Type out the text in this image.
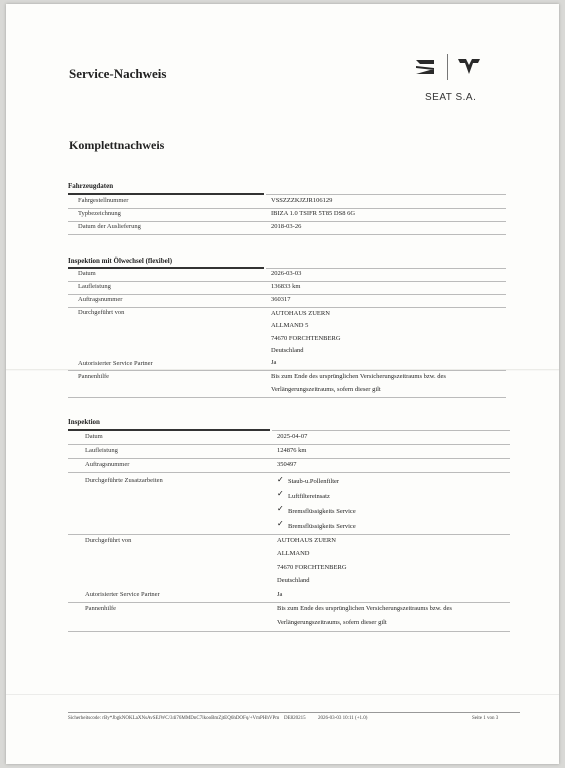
Service-Nachweis
SEAT S.A.
Komplettnachweis
Fahrzeugdaten
Fahrgestellnummer	VSSZZZKJZJR106129
Typbezeichnung	IBIZA 1.0 TSIFR 5T85 DS8 6G
Datum der Auslieferung	2018-03-26
Inspektion mit Ölwechsel (flexibel)
Datum	2026-03-03
Laufleistung	136833 km
Auftragsnummer	360317
Durchgeführt von	AUTOHAUS ZUERN
ALLMAND 5
74670 FORCHTENBERG
Deutschland
Autorisierter Service Partner	Ja
Pannenhilfe	Bis zum Ende des ursprünglichen Versicherungszeitraums bzw. des
Verlängerungszeitraums, sofern dieser gilt
Inspektion
Datum	2025-04-07
Laufleistung	124876 km
Auftragsnummer	350497
Durchgeführte Zusatzarbeiten	✓ Staub-u.Pollenfilter
✓ Luftfiltereinsatz
✓ Bremsflüssigkeits Service
✓ Bremsflüssigkeits Service
Durchgeführt von	AUTOHAUS ZUERN
ALLMAND
74670 FORCHTENBERG
Deutschland
Autorisierter Service Partner	Ja
Pannenhilfe	Bis zum Ende des ursprünglichen Versicherungszeitraums bzw. des
Verlängerungszeitraums, sofern dieser gilt
Sicherheitscode: rBy*JbgkNOKLaXNsAvSEJWC/34i76MMDnC7lkooBmZjtEQ6hDOFq/+VmPHhVPm DE820215 2026-03-03 10:11 (+1.0)	Seite 1 von 3
